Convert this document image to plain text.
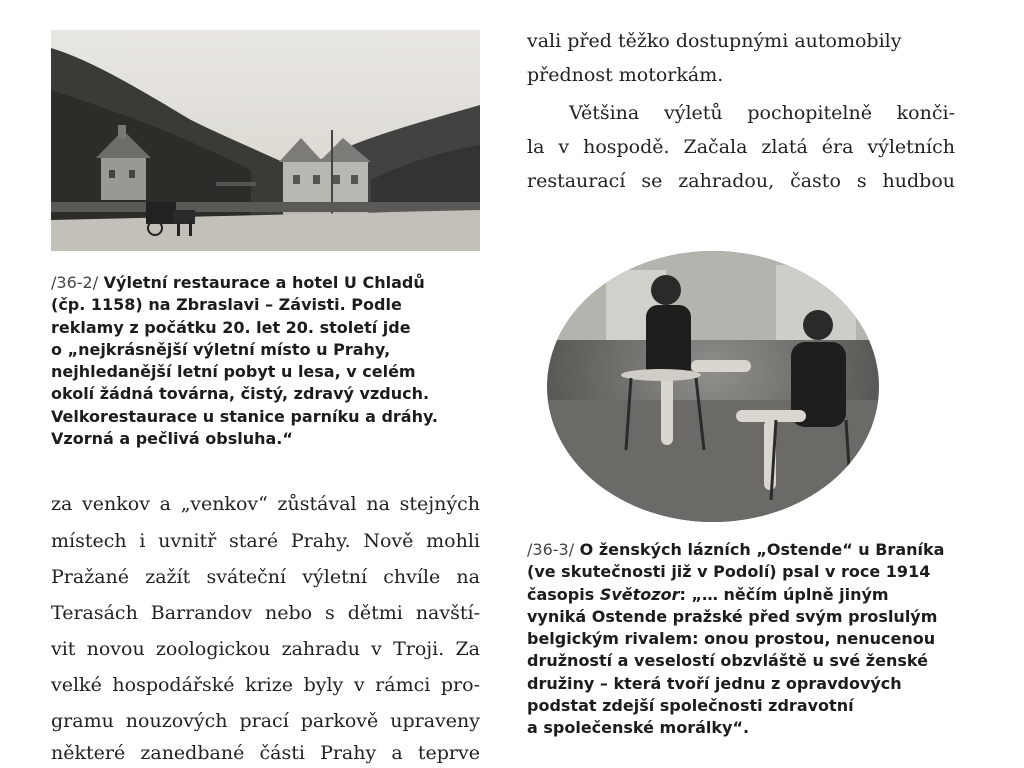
vali před těžko dostupnými automobily
přednost motorkám.
Většina výletů pochopitelně konči-
la v hospodě. Začala zlatá éra výletních
restaurací se zahradou, často s hudbou
/36-2/ Výletní restaurace a hotel U Chladů
(čp. 1158) na Zbraslavi – Závisti. Podle
reklamy z počátku 20. let 20. století jde
o „nejkrásnější výletní místo u Prahy,
nejhledanější letní pobyt u lesa, v celém
okolí žádná továrna, čistý, zdravý vzduch.
Velkorestaurace u stanice parníku a dráhy.
Vzorná a pečlivá obsluha.“
/36-3/ O ženských lázních „Ostende“ u Braníka
(ve skutečnosti již v Podolí) psal v roce 1914
časopis Světozor: „… něčím úplně jiným
vyniká Ostende pražské před svým proslulým
belgickým rivalem: onou prostou, nenucenou
družností a veselostí obzvláště u své ženské
družiny – která tvoří jednu z opravdových
podstat zdejší společnosti zdravotní
a společenské morálky“.
za venkov a „venkov“ zůstával na stejných
místech i uvnitř staré Prahy. Nově mohli
Pražané zažít sváteční výletní chvíle na
Terasách Barrandov nebo s dětmi navští-
vit novou zoologickou zahradu v Troji. Za
velké hospodářské krize byly v rámci pro-
gramu nouzových prací parkově upraveny
některé zanedbané části Prahy a teprve
